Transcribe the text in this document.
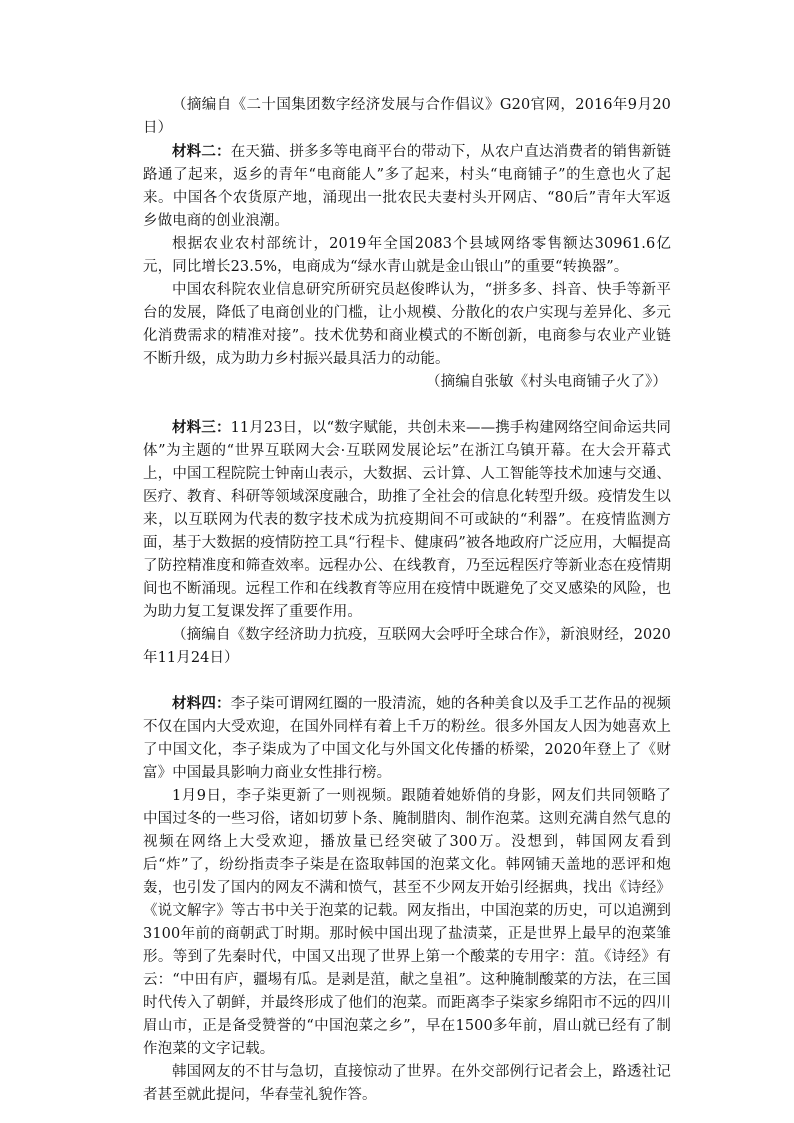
（摘编自《二十国集团数字经济发展与合作倡议》G20官网，2016年9月20日）

材料二：在天猫、拼多多等电商平台的带动下，从农户直达消费者的销售新链路通了起来，返乡的青年“电商能人”多了起来，村头“电商铺子”的生意也火了起来。中国各个农货原产地，涌现出一批农民夫妻村头开网店、“80后”青年大军返乡做电商的创业浪潮。

根据农业农村部统计，2019年全国2083个县域网络零售额达30961.6亿元，同比增长23.5%，电商成为“绿水青山就是金山银山”的重要“转换器”。

中国农科院农业信息研究所研究员赵俊晔认为，“拼多多、抖音、快手等新平台的发展，降低了电商创业的门槛，让小规模、分散化的农户实现与差异化、多元化消费需求的精准对接”。技术优势和商业模式的不断创新，电商参与农业产业链不断升级，成为助力乡村振兴最具活力的动能。

（摘编自张敏《村头电商铺子火了》）

材料三：11月23日，以“数字赋能，共创未来——携手构建网络空间命运共同体”为主题的“世界互联网大会·互联网发展论坛”在浙江乌镇开幕。在大会开幕式上，中国工程院院士钟南山表示，大数据、云计算、人工智能等技术加速与交通、医疗、教育、科研等领域深度融合，助推了全社会的信息化转型升级。疫情发生以来，以互联网为代表的数字技术成为抗疫期间不可或缺的“利器”。在疫情监测方面，基于大数据的疫情防控工具“行程卡、健康码”被各地政府广泛应用，大幅提高了防控精准度和筛查效率。远程办公、在线教育，乃至远程医疗等新业态在疫情期间也不断涌现。远程工作和在线教育等应用在疫情中既避免了交叉感染的风险，也为助力复工复课发挥了重要作用。

（摘编自《数字经济助力抗疫，互联网大会呼吁全球合作》，新浪财经，2020年11月24日）

材料四：李子柒可谓网红圈的一股清流，她的各种美食以及手工艺作品的视频不仅在国内大受欢迎，在国外同样有着上千万的粉丝。很多外国友人因为她喜欢上了中国文化，李子柒成为了中国文化与外国文化传播的桥梁，2020年登上了《财富》中国最具影响力商业女性排行榜。

1月9日，李子柒更新了一则视频。跟随着她娇俏的身影，网友们共同领略了中国过冬的一些习俗，诸如切萝卜条、腌制腊肉、制作泡菜。这则充满自然气息的视频在网络上大受欢迎，播放量已经突破了300万。没想到，韩国网友看到后“炸”了，纷纷指责李子柒是在盗取韩国的泡菜文化。韩网铺天盖地的恶评和炮轰，也引发了国内的网友不满和愤气，甚至不少网友开始引经据典，找出《诗经》《说文解字》等古书中关于泡菜的记载。网友指出，中国泡菜的历史，可以追溯到3100年前的商朝武丁时期。那时候中国出现了盐渍菜，正是世界上最早的泡菜雏形。等到了先秦时代，中国又出现了世界上第一个酸菜的专用字：菹。《诗经》有云：“中田有庐，疆埸有瓜。是剥是菹，献之皇祖”。这种腌制酸菜的方法，在三国时代传入了朝鲜，并最终形成了他们的泡菜。而距离李子柒家乡绵阳市不远的四川眉山市，正是备受赞誉的“中国泡菜之乡”，早在1500多年前，眉山就已经有了制作泡菜的文字记载。

韩国网友的不甘与急切，直接惊动了世界。在外交部例行记者会上，路透社记者甚至就此提问，华春莹礼貌作答。
